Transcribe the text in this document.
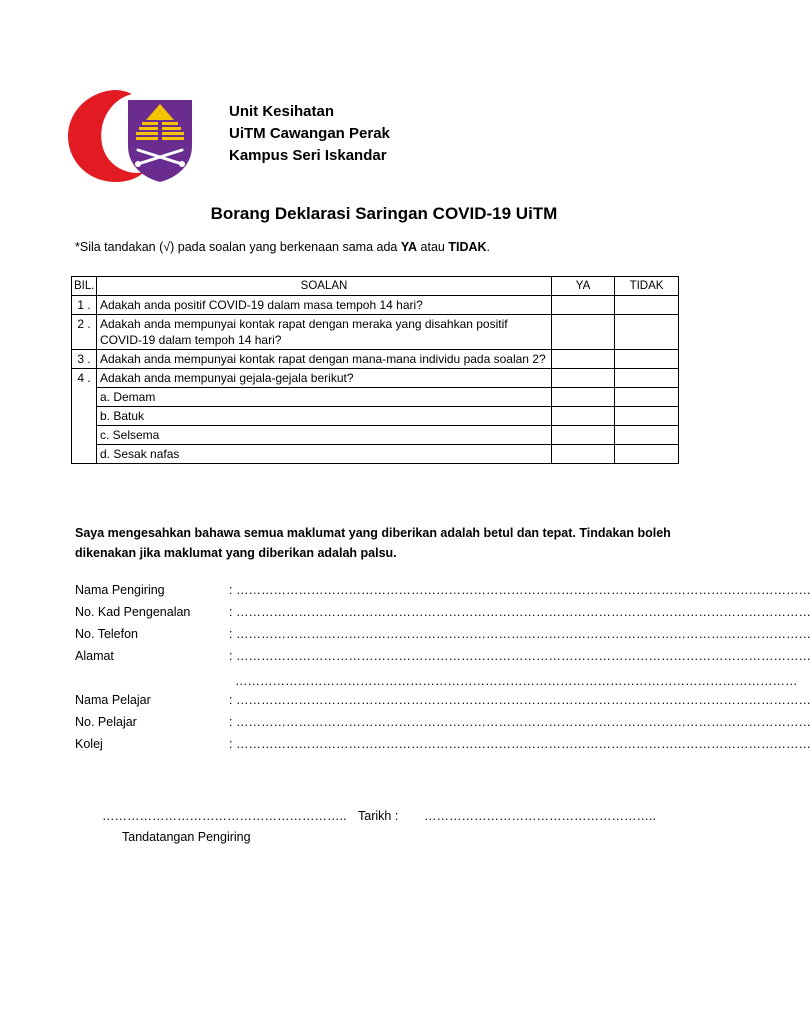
Unit Kesihatan
UiTM Cawangan Perak
Kampus Seri Iskandar
Borang Deklarasi Saringan COVID-19 UiTM
*Sila tandakan (√) pada soalan yang berkenaan sama ada YA atau TIDAK.
BIL.	SOALAN	YA	TIDAK
1 .	Adakah anda positif COVID-19 dalam masa tempoh 14 hari?		
2 .	Adakah anda mempunyai kontak rapat dengan meraka yang disahkan positif COVID-19 dalam tempoh 14 hari?		
3 .	Adakah anda mempunyai kontak rapat dengan mana-mana individu pada soalan 2?		
4 .	Adakah anda mempunyai gejala-gejala berikut?		
	a. Demam		
	b. Batuk		
	c. Selsema		
	d. Sesak nafas		
Saya mengesahkan bahawa semua maklumat yang diberikan adalah betul dan tepat. Tindakan boleh dikenakan jika maklumat yang diberikan adalah palsu.
Nama Pengiring	: …………………………………………………………………………………………………………………………
No. Kad Pengenalan	: …………………………………………………………………………………………………………………………
No. Telefon	: …………………………………………………………………………………………………………………………
Alamat	: …………………………………………………………………………………………………………………………
………………………………………………………………………………………………………………………
Nama Pelajar	: …………………………………………………………………………………………………………………………
No. Pelajar	: …………………………………………………………………………………………………………………………
Kolej	: …………………………………………………………………………………………………………………………
…………………………………………………..
Tandatangan Pengiring
Tarikh : ………………………………………………..
